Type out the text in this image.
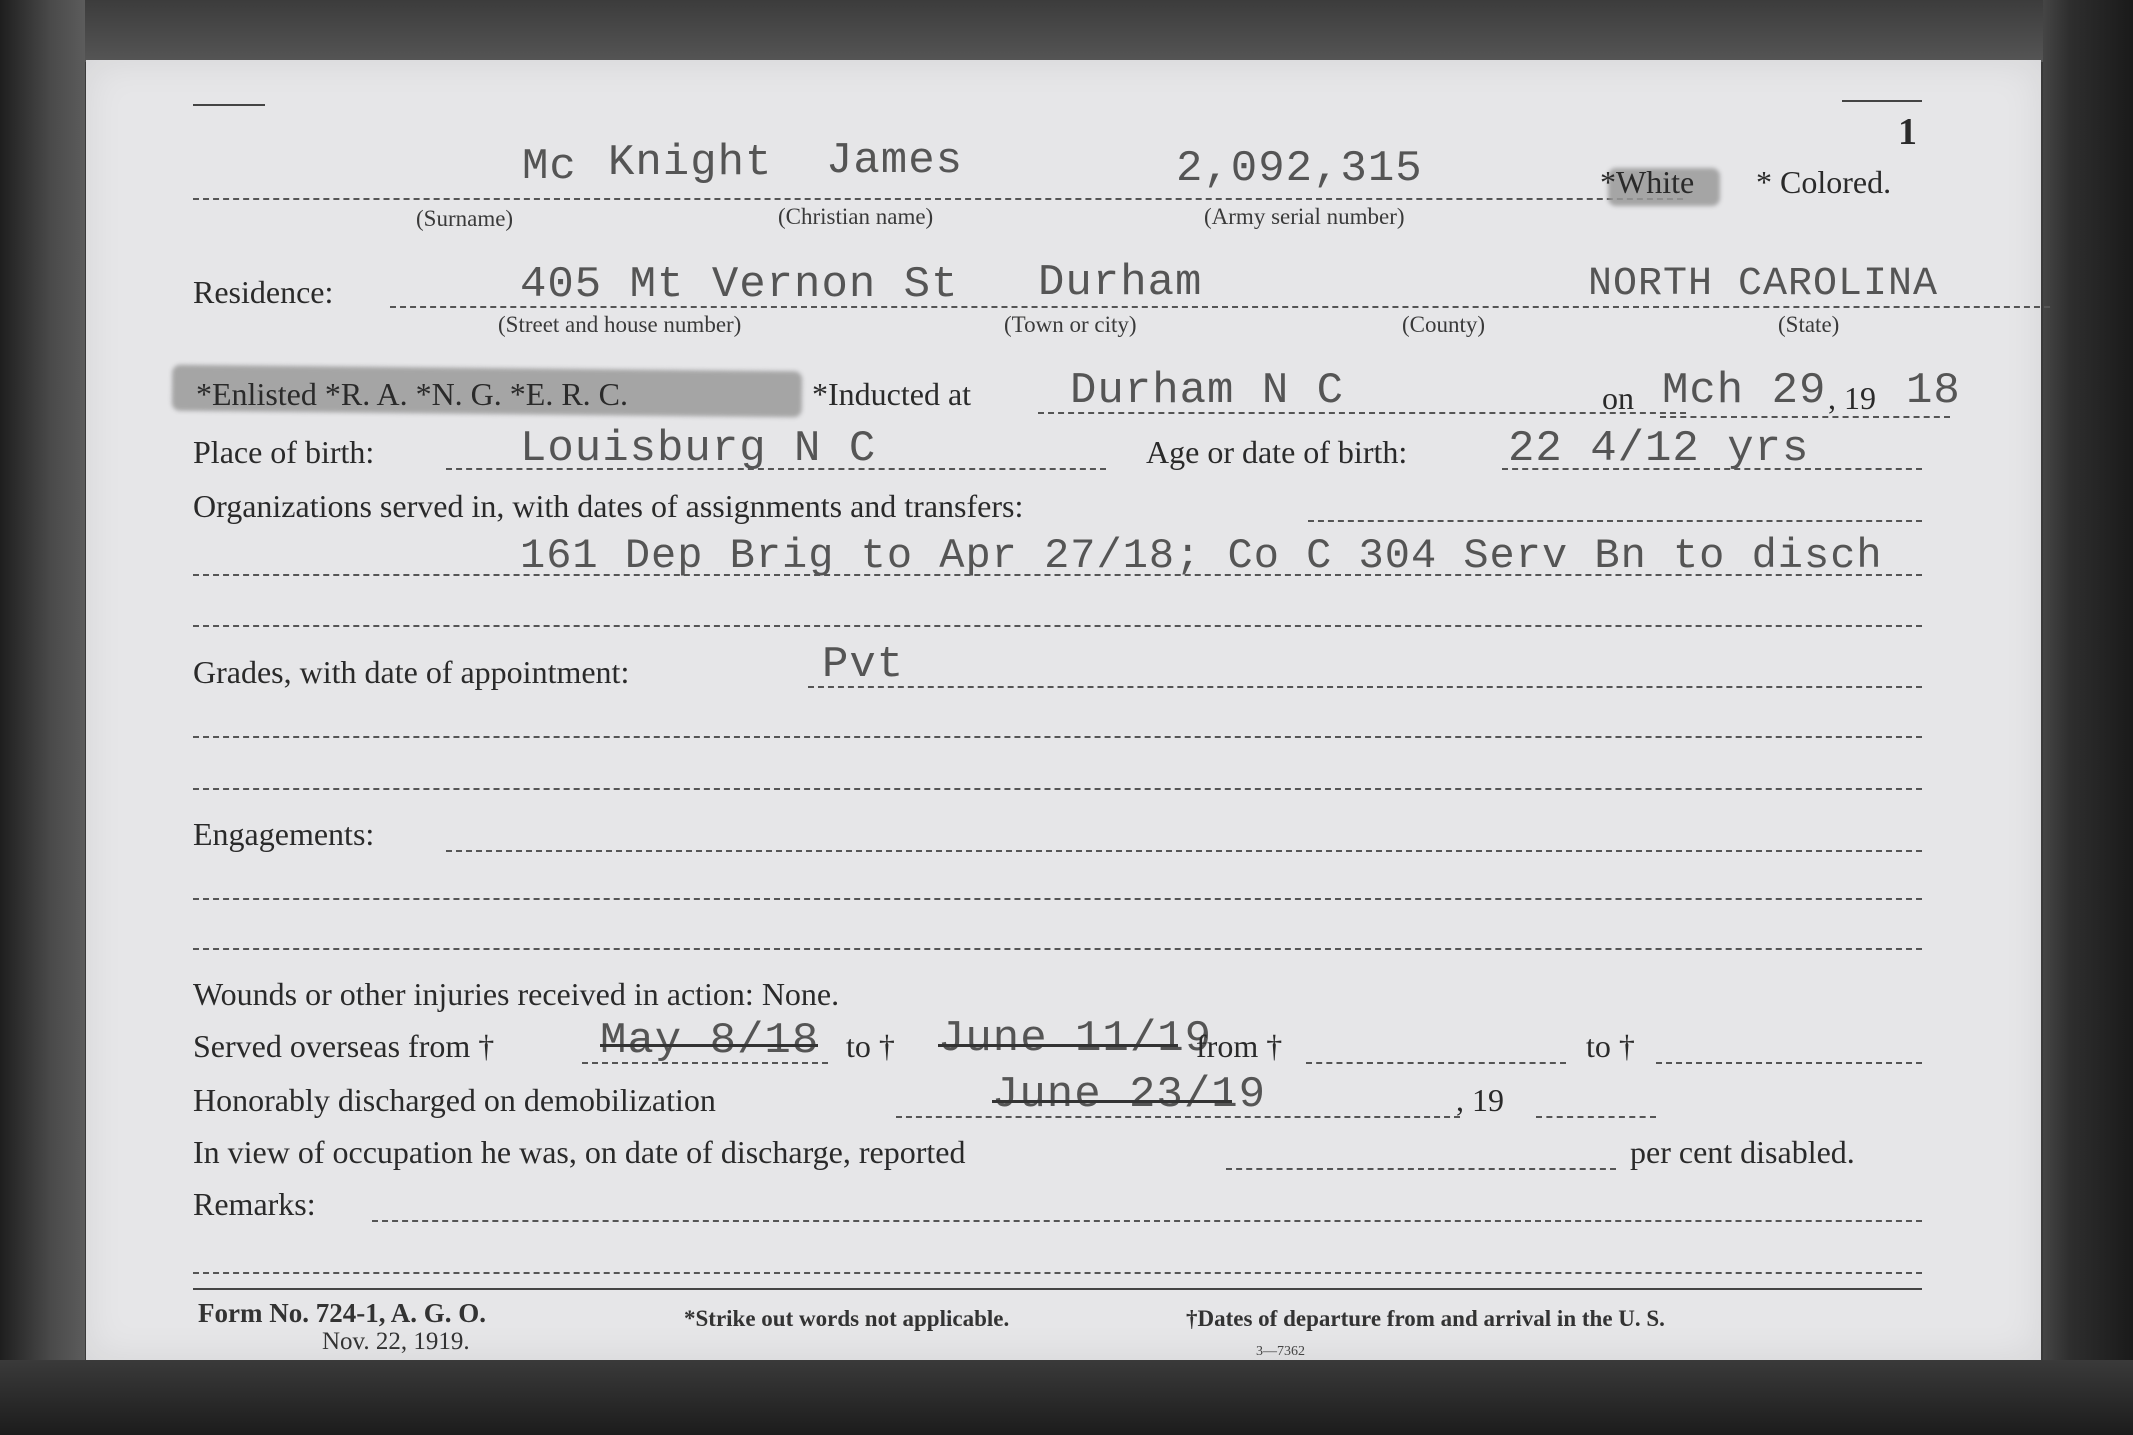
1
Mc Knight James	2,092,315	*White * Colored.
(Surname)	(Christian name)	(Army serial number)
Residence:	405 Mt Vernon St Durham	NORTH CAROLINA
(Street and house number)	(Town or city)	(County)	(State)
*Enlisted *R. A. *N. G. *E. R. C.	*Inducted at Durham N C	on Mch 29 , 19 18
Place of birth:	Louisburg N C	Age or date of birth: 22 4/12 yrs
Organizations served in, with dates of assignments and transfers:
161 Dep Brig to Apr 27/18; Co C 304 Serv Bn to disch
Grades, with date of appointment:	Pvt
Engagements:
Wounds or other injuries received in action: None.
Served overseas from † May 8/18 to † June 11/19
from †	to †
Honorably discharged on demobilization	June 23/19	, 19
In view of occupation he was, on date of discharge, reported	per cent disabled.
Remarks:
Form No. 724-1, A. G. O.
Nov. 22, 1919.
*Strike out words not applicable.	†Dates of departure from and arrival in the U. S.
3—7362
